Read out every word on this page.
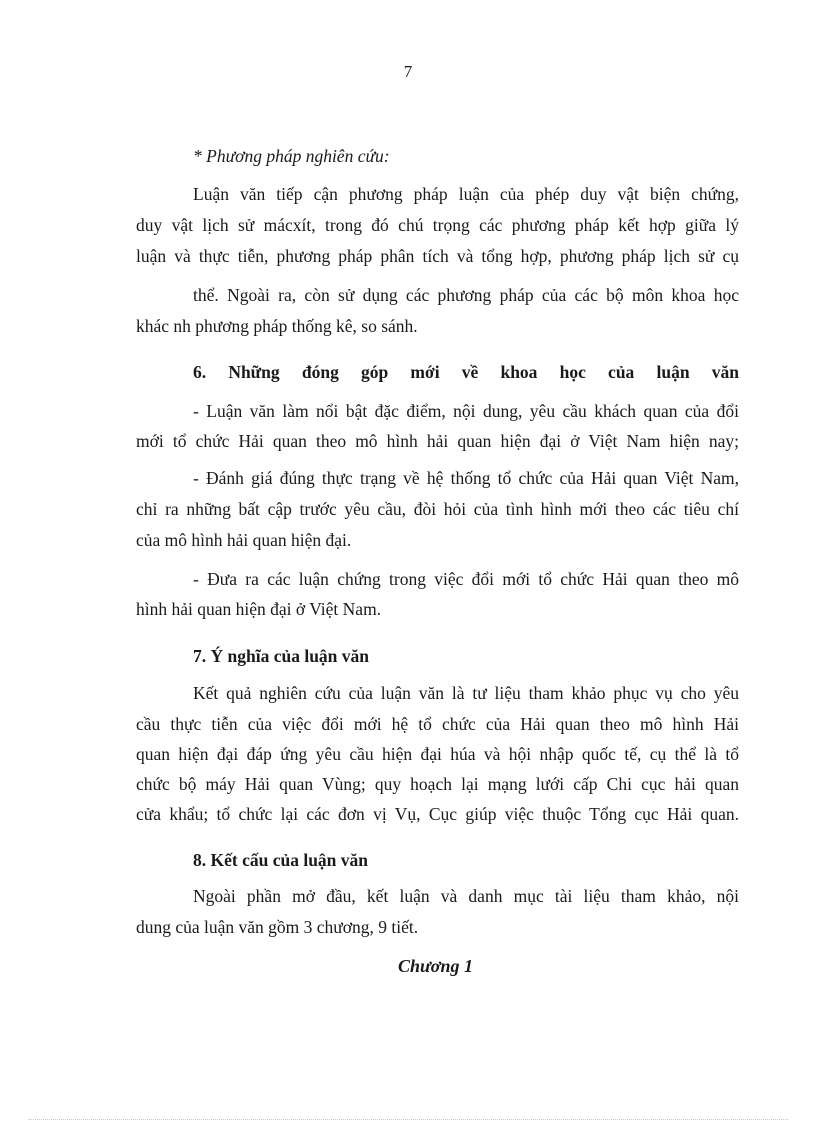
7
* Phương pháp nghiên cứu:
Luận văn tiếp cận phương pháp luận của phép duy vật biện chứng,
duy vật lịch sử mácxít, trong đó chú trọng các phương pháp kết hợp giữa lý
luận và thực tiễn, phương pháp phân tích và tổng hợp, phương pháp lịch sử cụ
thể. Ngoài ra, còn sử dụng các phương pháp của các bộ môn khoa học
khác nh phương pháp thống kê, so sánh.
6. Những đóng góp mới về khoa học của luận văn
- Luận văn làm nổi bật đặc điểm, nội dung, yêu cầu khách quan của đổi
mới tổ chức Hải quan theo mô hình hải quan hiện đại ở Việt Nam hiện nay;
- Đánh giá đúng thực trạng về hệ thống tổ chức của Hải quan Việt Nam,
chỉ ra những bất cập trước yêu cầu, đòi hỏi của tình hình mới theo các tiêu chí
của mô hình hải quan hiện đại.
- Đưa ra các luận chứng trong việc đổi mới tổ chức Hải quan theo mô
hình hải quan hiện đại ở Việt Nam.
7. Ý nghĩa của luận văn
Kết quả nghiên cứu của luận văn là tư liệu tham khảo phục vụ cho yêu
cầu thực tiễn của việc đổi mới hệ tổ chức của Hải quan theo mô hình Hải
quan hiện đại đáp ứng yêu cầu hiện đại húa và hội nhập quốc tế, cụ thể là tổ
chức bộ máy Hải quan Vùng; quy hoạch lại mạng lưới cấp Chi cục hải quan
cửa khẩu; tổ chức lại các đơn vị Vụ, Cục giúp việc thuộc Tổng cục Hải quan.
8. Kết cấu của luận văn
Ngoài phần mở đầu, kết luận và danh mục tài liệu tham khảo, nội
dung của luận văn gồm 3 chương, 9 tiết.
Chương 1
